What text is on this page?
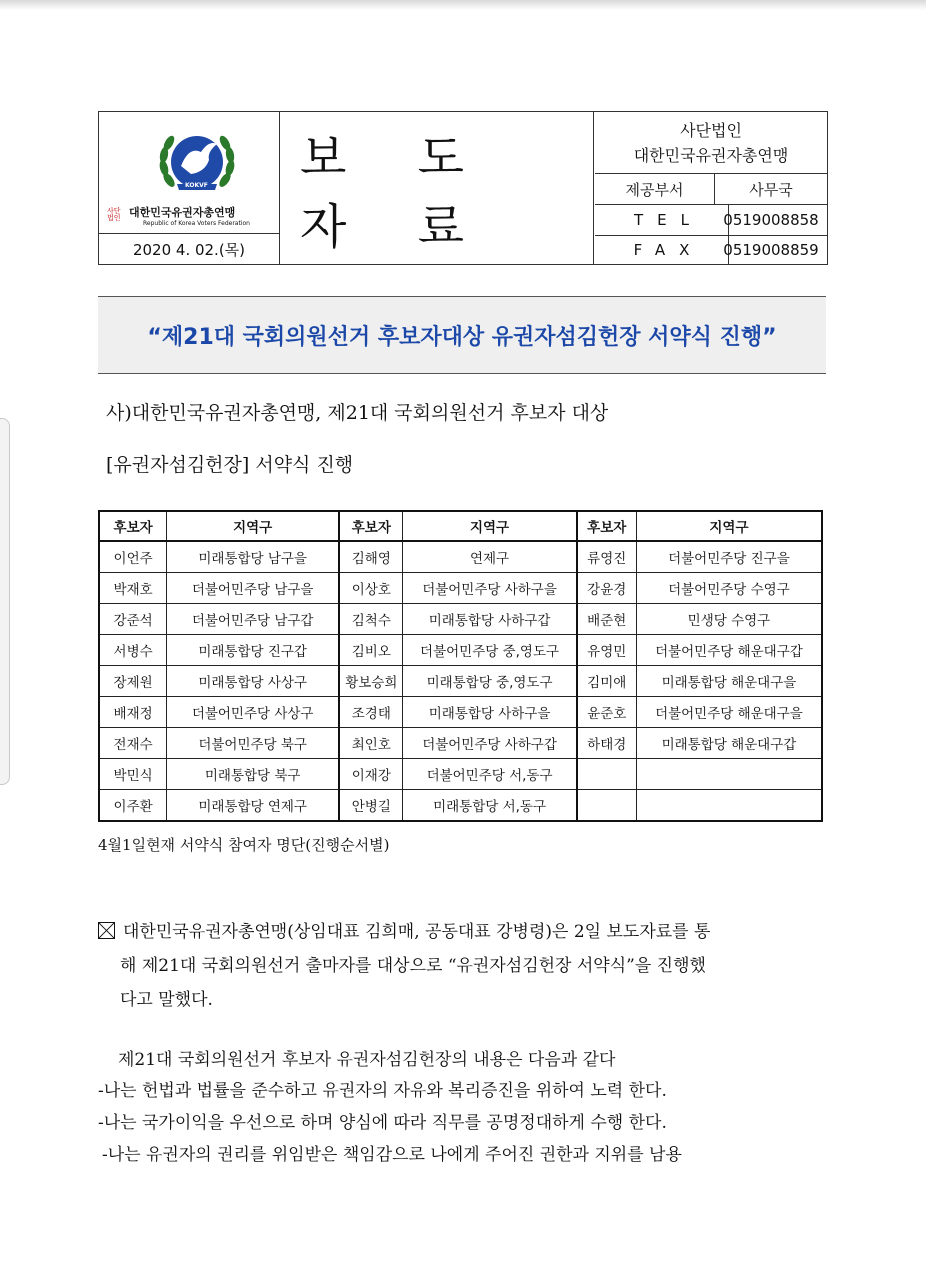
KOKVF
사단 법인 대한민국유권자총연맹
Republic of Korea Voters Federation
2020 4. 02.(목)
보 도 자 료
사단법인
대한민국유권자총연맹
제공부서	사무국
TEL	0519008858
FAX	0519008859
“제21대 국회의원선거 후보자대상 유권자섬김헌장 서약식 진행”
사)대한민국유권자총연맹, 제21대 국회의원선거 후보자 대상
[유권자섬김헌장] 서약식 진행
후보자	지역구	후보자	지역구	후보자	지역구
이언주	미래통합당 남구을	김해영	연제구	류영진	더불어민주당 진구을
박재호	더불어민주당 남구을	이상호	더불어민주당 사하구을	강윤경	더불어민주당 수영구
강준석	더불어민주당 남구갑	김척수	미래통합당 사하구갑	배준현	민생당 수영구
서병수	미래통합당 진구갑	김비오	더불어민주당 중,영도구	유영민	더불어민주당 해운대구갑
장제원	미래통합당 사상구	황보승희	미래통합당 중,영도구	김미애	미래통합당 해운대구을
배재정	더불어민주당 사상구	조경태	미래통합당 사하구을	윤준호	더불어민주당 해운대구을
전재수	더불어민주당 북구	최인호	더불어민주당 사하구갑	하태경	미래통합당 해운대구갑
박민식	미래통합당 북구	이재강	더불어민주당 서,동구		
이주환	미래통합당 연제구	안병길	미래통합당 서,동구		
4월1일현재 서약식 참여자 명단(진행순서별)
대한민국유권자총연맹(상임대표 김희매, 공동대표 강병령)은 2일 보도자료를 통
해 제21대 국회의원선거 출마자를 대상으로 “유권자섬김헌장 서약식”을 진행했
다고 말했다.
제21대 국회의원선거 후보자 유권자섬김헌장의 내용은 다음과 같다
-나는 헌법과 법률을 준수하고 유권자의 자유와 복리증진을 위하여 노력 한다.
-나는 국가이익을 우선으로 하며 양심에 따라 직무를 공명정대하게 수행 한다.
-나는 유권자의 권리를 위임받은 책임감으로 나에게 주어진 권한과 지위를 남용
